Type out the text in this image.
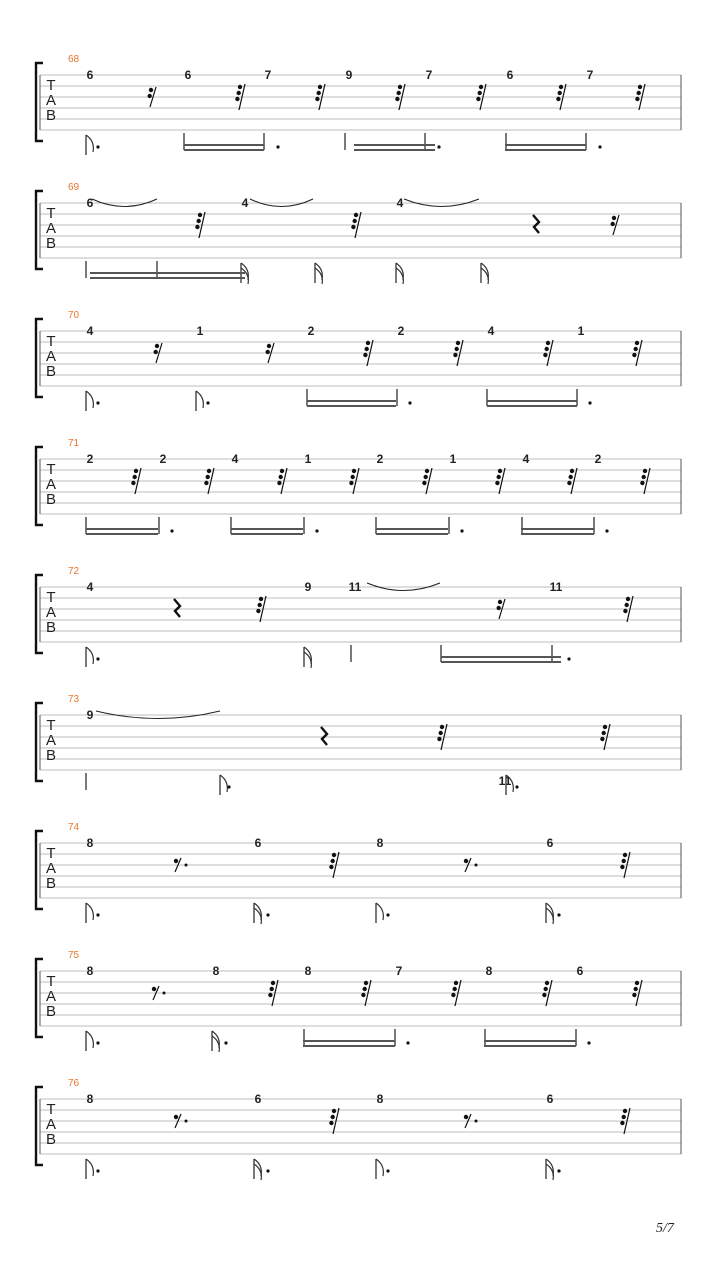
T
A
B
68
6	6	7	9	7	6	7
T
A
B
69
6	4	4
T
A
B
70
4	1	2	2	4	1
T
A
B
71
2	2	4	1	2	1	4	2
T
A
B
72
4	9	11	11
T
A
B
73
9
11
T
A
B
74
8	6	8	6
T
A
B
75
8	8	8	7	8	6
T
A
B
76
8	6	8	6
5/7
